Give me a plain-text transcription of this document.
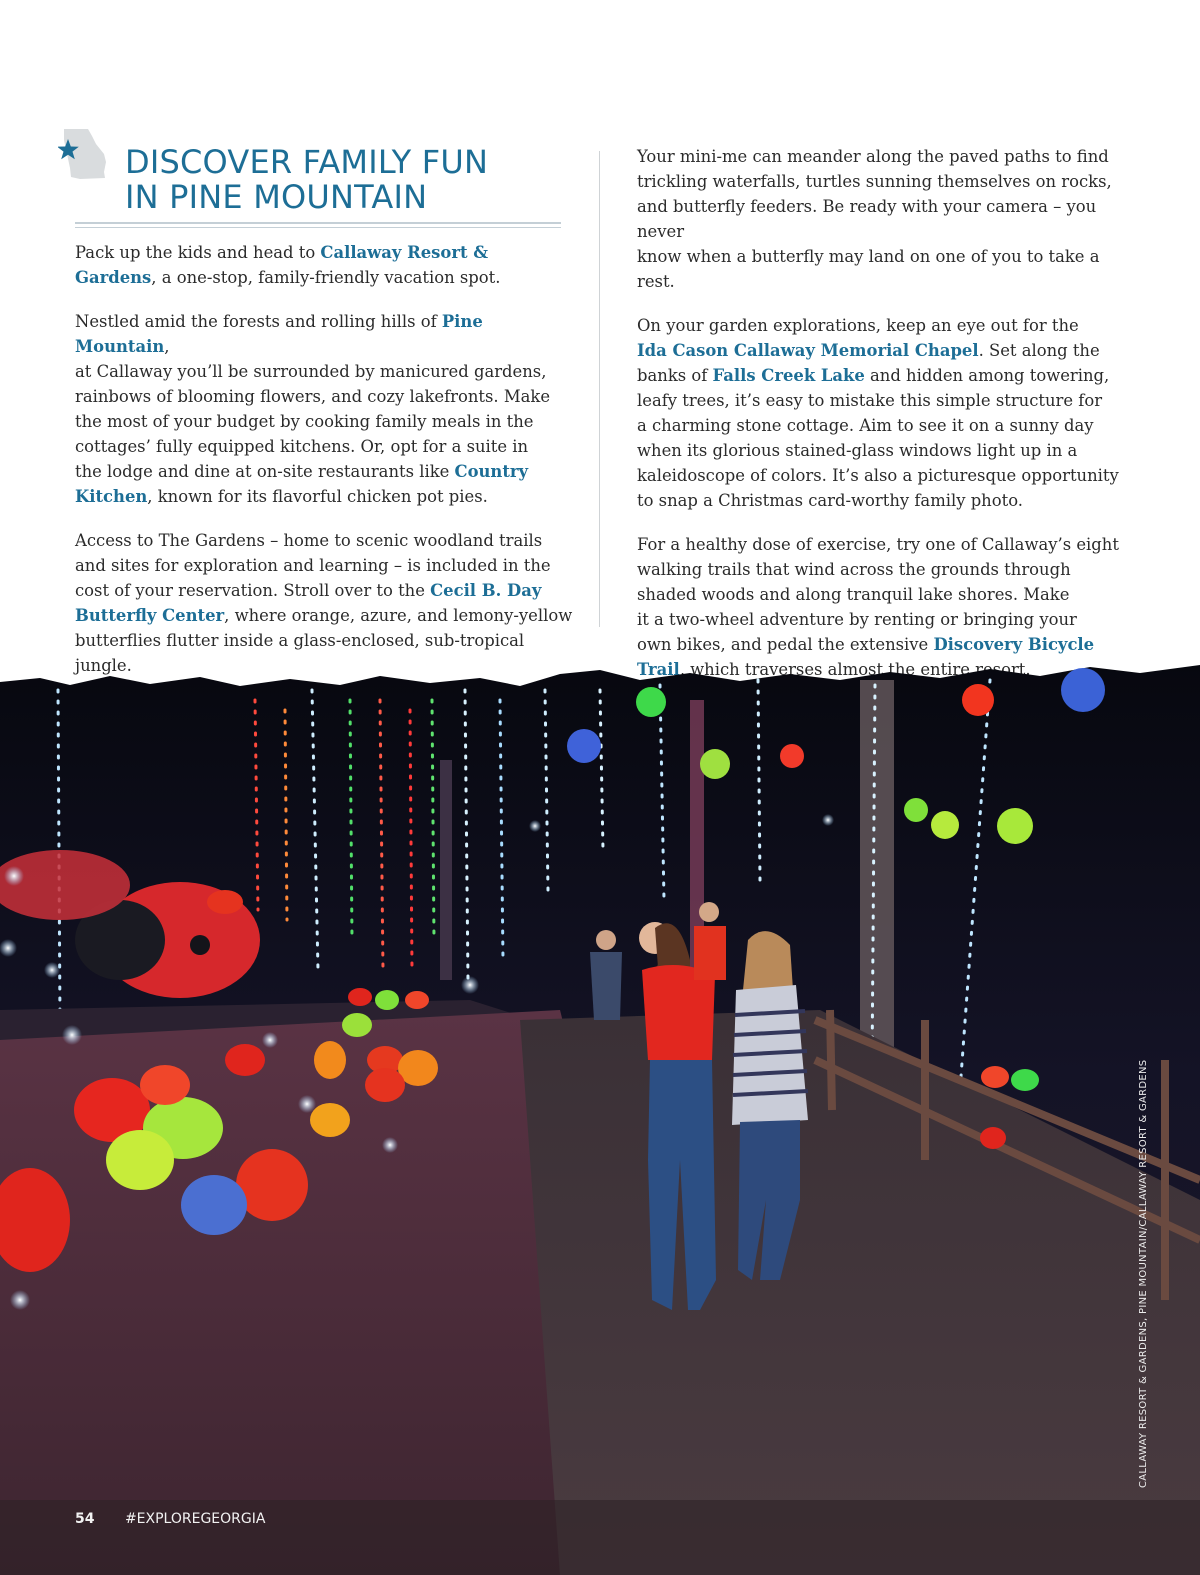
DISCOVER FAMILY FUN
IN PINE MOUNTAIN

Pack up the kids and head to Callaway Resort &
Gardens, a one-stop, family-friendly vacation spot.

Nestled amid the forests and rolling hills of Pine Mountain,
at Callaway you’ll be surrounded by manicured gardens,
rainbows of blooming flowers, and cozy lakefronts. Make
the most of your budget by cooking family meals in the
cottages’ fully equipped kitchens. Or, opt for a suite in
the lodge and dine at on-site restaurants like Country
Kitchen, known for its flavorful chicken pot pies.

Access to The Gardens – home to scenic woodland trails
and sites for exploration and learning – is included in the
cost of your reservation. Stroll over to the Cecil B. Day
Butterfly Center, where orange, azure, and lemony-yellow
butterflies flutter inside a glass-enclosed, sub-tropical jungle.

Your mini-me can meander along the paved paths to find
trickling waterfalls, turtles sunning themselves on rocks,
and butterfly feeders. Be ready with your camera – you never
know when a butterfly may land on one of you to take a rest.

On your garden explorations, keep an eye out for the
Ida Cason Callaway Memorial Chapel. Set along the
banks of Falls Creek Lake and hidden among towering,
leafy trees, it’s easy to mistake this simple structure for
a charming stone cottage. Aim to see it on a sunny day
when its glorious stained-glass windows light up in a
kaleidoscope of colors. It’s also a picturesque opportunity
to snap a Christmas card-worthy family photo.

For a healthy dose of exercise, try one of Callaway’s eight
walking trails that wind across the grounds through
shaded woods and along tranquil lake shores. Make
it a two-wheel adventure by renting or bringing your
own bikes, and pedal the extensive Discovery Bicycle
Trail, which traverses almost the entire resort.

CALLAWAY RESORT & GARDENS, PINE MOUNTAIN/CALLAWAY RESORT & GARDENS
54 #EXPLOREGEORGIA
